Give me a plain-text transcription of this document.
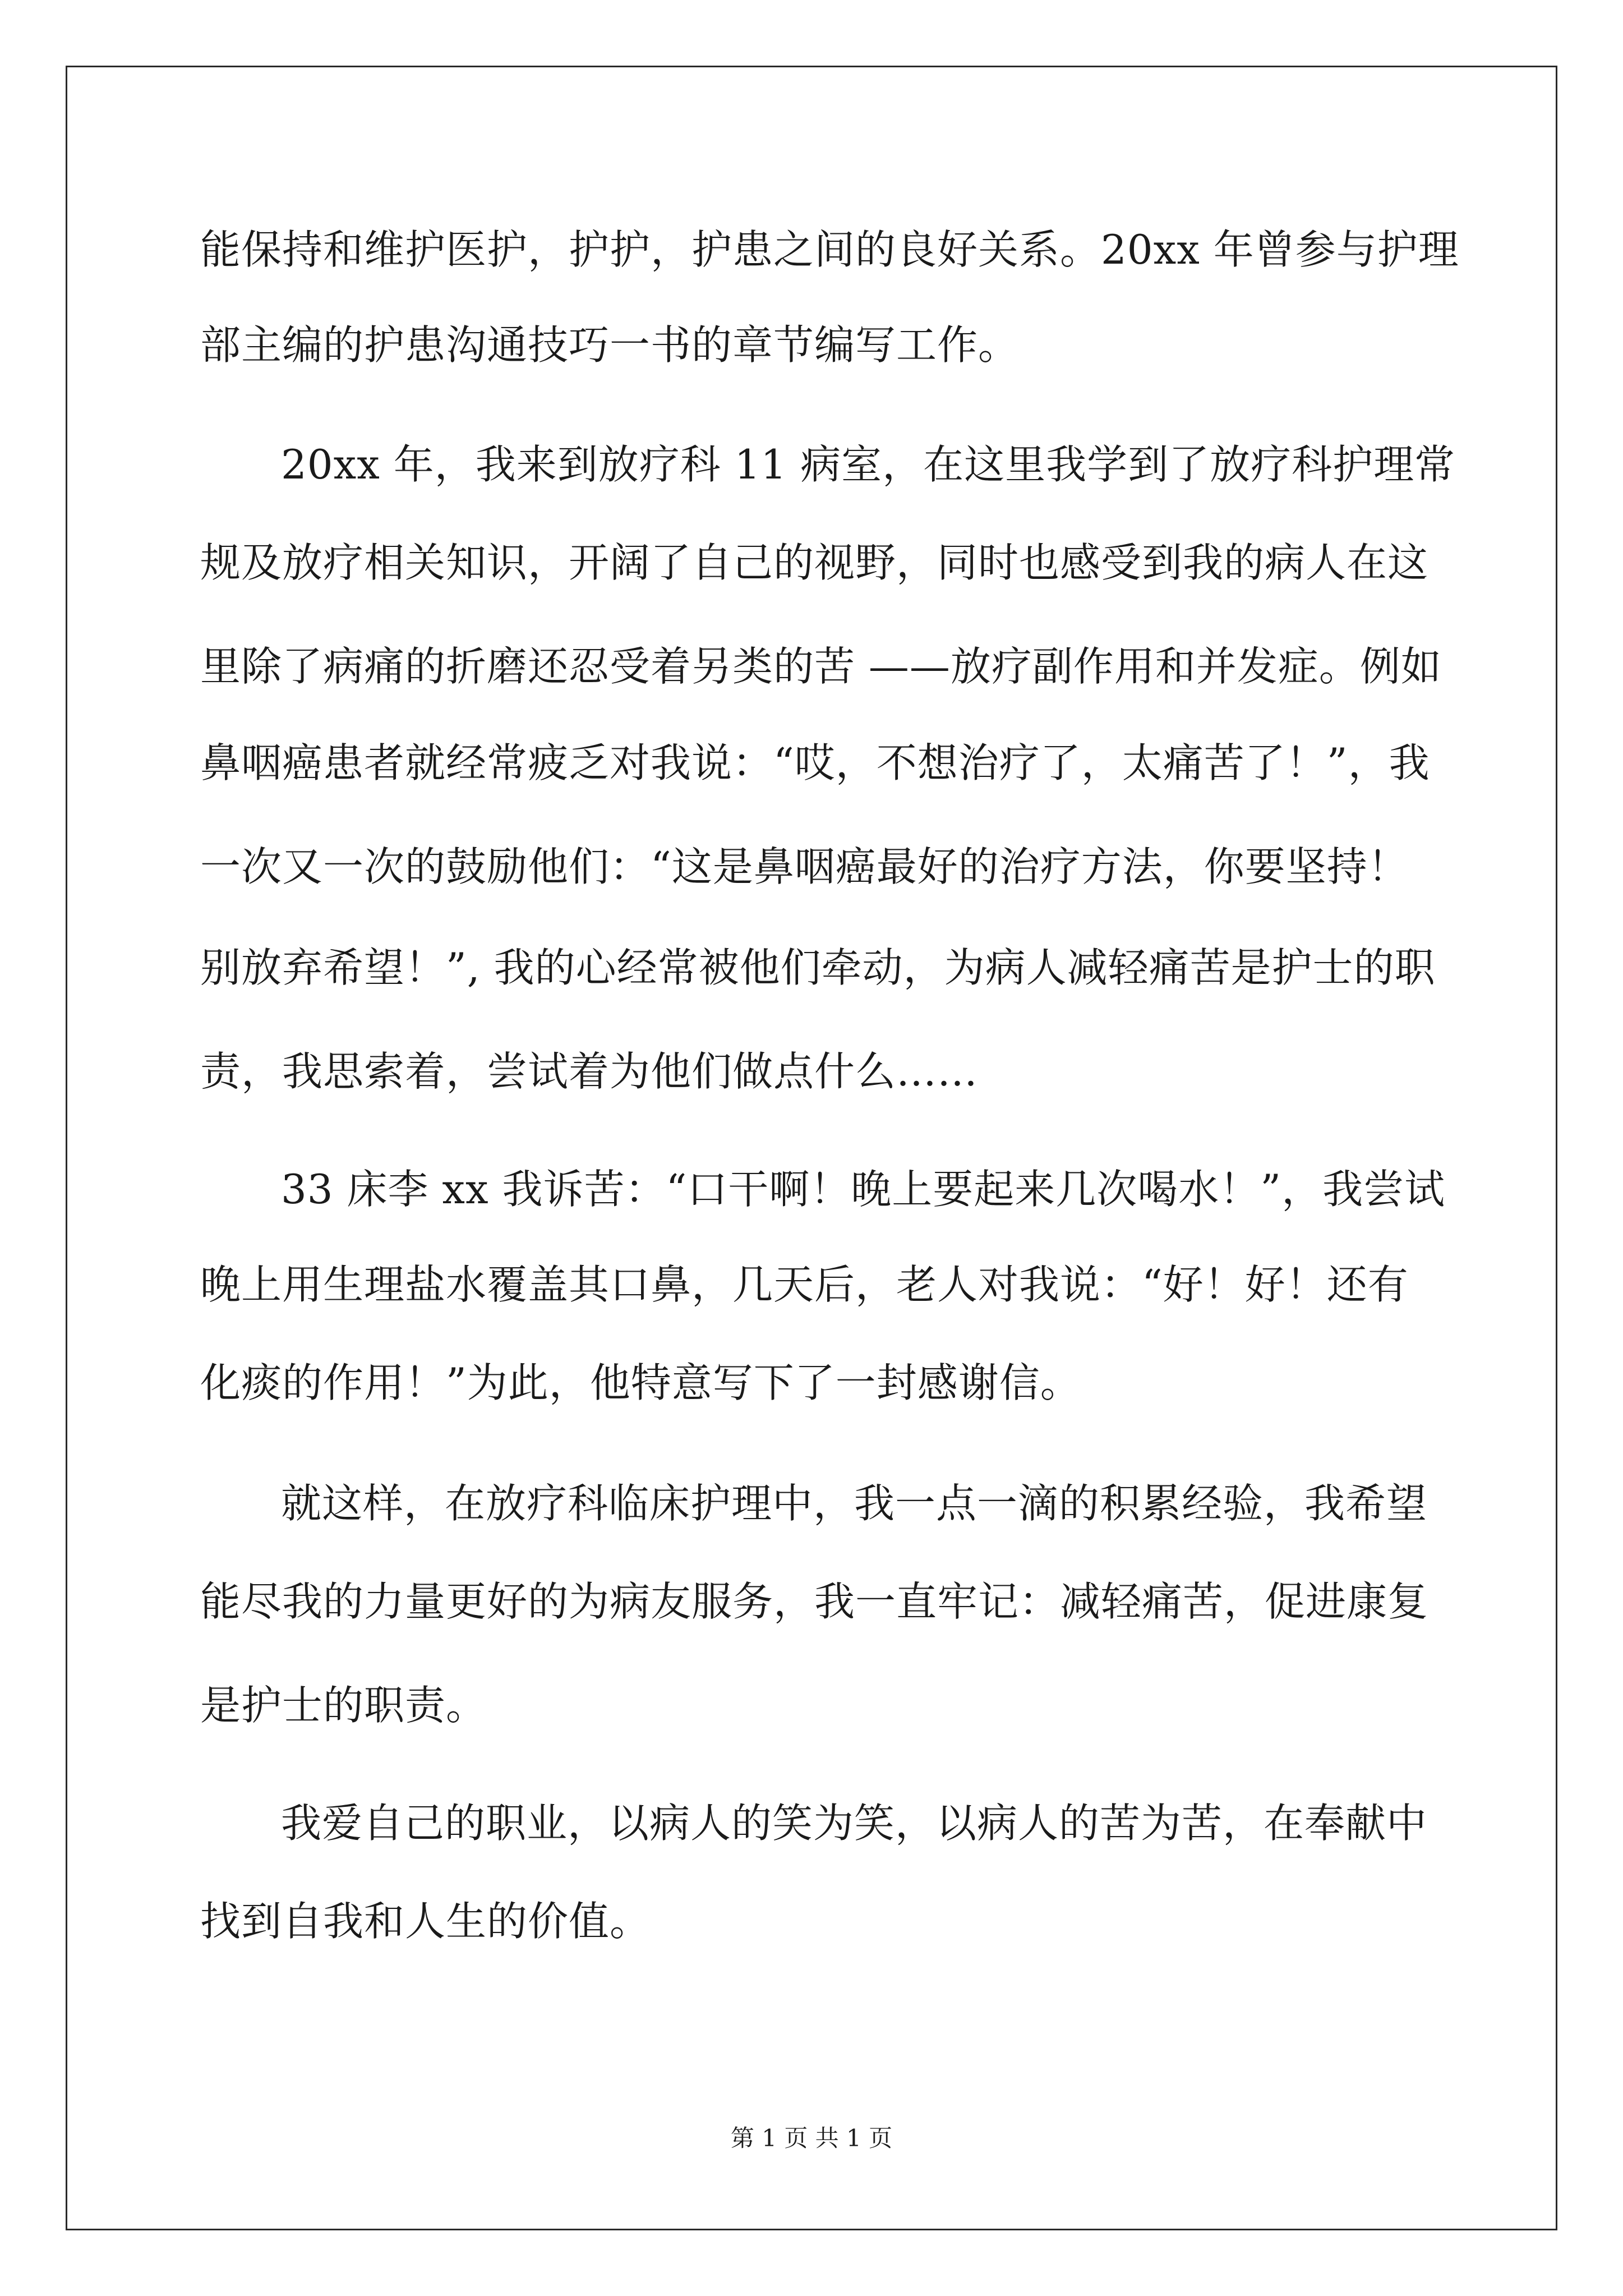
能保持和维护医护，护护，护患之间的良好关系。20xx 年曾参与护理
部主编的护患沟通技巧一书的章节编写工作。
20xx 年，我来到放疗科 11 病室，在这里我学到了放疗科护理常
规及放疗相关知识，开阔了自己的视野，同时也感受到我的病人在这
里除了病痛的折磨还忍受着另类的苦 ——放疗副作用和并发症。例如
鼻咽癌患者就经常疲乏对我说：“哎，不想治疗了，太痛苦了！”，我
一次又一次的鼓励他们：“这是鼻咽癌最好的治疗方法，你要坚持！
别放弃希望！”, 我的心经常被他们牵动，为病人减轻痛苦是护士的职
责，我思索着，尝试着为他们做点什么……
33 床李 xx 我诉苦：“口干啊！晚上要起来几次喝水！”，我尝试
晚上用生理盐水覆盖其口鼻，几天后，老人对我说：“好！好！还有
化痰的作用！”为此，他特意写下了一封感谢信。
就这样，在放疗科临床护理中，我一点一滴的积累经验，我希望
能尽我的力量更好的为病友服务，我一直牢记：减轻痛苦，促进康复
是护士的职责。
我爱自己的职业，以病人的笑为笑，以病人的苦为苦，在奉献中
找到自我和人生的价值。
第 1 页 共 1 页
